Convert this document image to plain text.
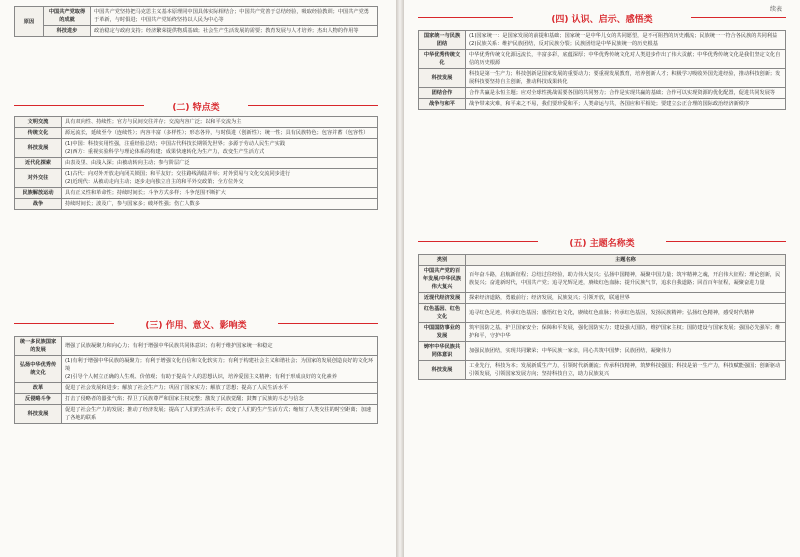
原因	中国共产党取得的成就	中国共产党坚持把马克思主义基本原理同中国具体实际相结合；中国共产党善于总结经验，吸取经验教训；中国共产党勇于革新，与时俱进；中国共产党始终坚持以人民为中心等
	科技进步	政治稳定与政府支持；经济繁荣提供物质基础；社会生产生活发展的需要；教育发展与人才培养；杰出人物的作用等
(二) 特点类
文明交流	具有双向性、持续性；官方与民间交往并存；交流内容广泛；以和平交流为主
传统文化	源远流长，延续至今（连续性）；内容丰富（多样性）；形态各异，与时俱进（创新性）；统一性；具有民族特色；包容并蓄（包容性）
科技发展	(1)中国：科技实用性强，注重经验总结；中国古代科技长期领先世界；多源于劳动人民生产实践
(2)西方：重视实验科学与理论体系的构建；成果快速转化为生产力，改变生产生活方式
近代化探索	由表及里、由浅入深；由被动转向主动；参与阶层广泛
对外交往	(1)古代：向对外开放走向闭关锁国；和平友好；交往路线海陆并举；对外贸易与文化交流同步进行
(2)近现代：从被动走向主动；逐步走向独立自主的和平外交政策；全方位外交
民族解放运动	具有正义性和革命性；持续时间长；斗争方式多样；斗争范围不断扩大
战争	持续时间长；波及广，参与国家多；破坏性强；伤亡人数多
(三) 作用、意义、影响类
统一多民族国家的发展	增强了民族凝聚力和向心力；有利于增强中华民族共同体意识；有利于维护国家统一和稳定
弘扬中华优秀传统文化	(1)有利于增强中华民族的凝聚力；有利于增强文化自信和文化软实力；有利于构建社会主义和谐社会；为国家的发展创造良好的文化环境
(2)引导个人树立正确的人生观、价值观；有助于提高个人的思想认识，培养爱国主义精神；有利于形成良好的文化素养
改革	促进了社会发展和进步；解放了社会生产力；巩固了国家实力；解放了思想；提高了人民生活水平
反侵略斗争	打击了侵略者的嚣张气焰；捍卫了民族尊严和国家主权完整；激发了民族觉醒；鼓舞了民族的斗志与信念
科技发展	促进了社会生产力的发展；推动了经济发展；提高了人们的生活水平；改变了人们的生产生活方式；缩短了人类交往的时空距离；加速了各地的联系
续表
(四) 认识、启示、感悟类
国家统一与民族团结	(1)国家统一：是国家发展的前提和基础；国家统一是中华儿女的共同愿望，是不可阻挡的历史潮流；民族统一一符合各民族的共同利益
(2)民族关系：维护民族团结，反对民族分裂；民族团结是中华民族统一的历史根基
中华优秀传统文化	中华优秀传统文化源远流长，丰富多彩，底蕴深厚；中华优秀传统文化对人类进步作出了伟大贡献；中华优秀传统文化是我们坚定文化自信的历史根源
科技发展	科技是第一生产力；科技创新是国家发展的重要动力；要重视发展教育，培养创新人才；积极学习吸收外国先进经验，推动科技创新；发展科技要坚持自主创新，推动科技成果转化
团结合作	合作共赢是永恒主题；应对全球性挑战需要各国的共同努力；合作是实现共赢的基础；合作可以实现资源的优化配置，促进共同发展等
战争与和平	战争带来灾难，和平来之不易，我们要珍爱和平；人类命运与共，各国应和平相处；要建立公正合理的国际政治经济新秩序
(五) 主题名称类
类别	主题名称
中国共产党的百年发展/中华民族伟大复兴	百年奋斗路，启航新征程；总结过往经验，助力伟大复兴；弘扬中国精神，凝聚中国力量；筑牢精神之魂，开启伟大征程；理论创新，民族复兴；奋进新时代，中国共产党；追寻光辉足迹，赓续红色血脉；提升民族气节，追求自我道路；回首百年征程，凝聚奋进力量
近现代经济发展	探索经济道路，勇毅前行；经济发展，民族复兴；引领开放，联通世界
红色基因、红色文化	追寻红色足迹，传承红色基因；感悟红色文化，赓续红色血脉；传承红色基因，发扬民族精神；弘扬红色精神，感受时代精神
中国国防事业的发展	筑牢国防之基，护卫国家安全；保障和平发展，强化国防实力；建设强大国防，维护国家主权；国防建设与国家发展；强国必先强军；维护和平，守护中华
铸牢中华民族共同体意识	加强民族团结，实现共同繁荣；中华民族一家亲，同心共筑中国梦；民族团结，凝聚伟力
科技发展	工业先行，科技为本；发展新质生产力，引领时代新潮流；传承科技精神，筑梦科技强国；科技是第一生产力，科技赋能强国；创新驱动引领发展，引领国家发展方向；坚持科技自立，助力民族复兴
